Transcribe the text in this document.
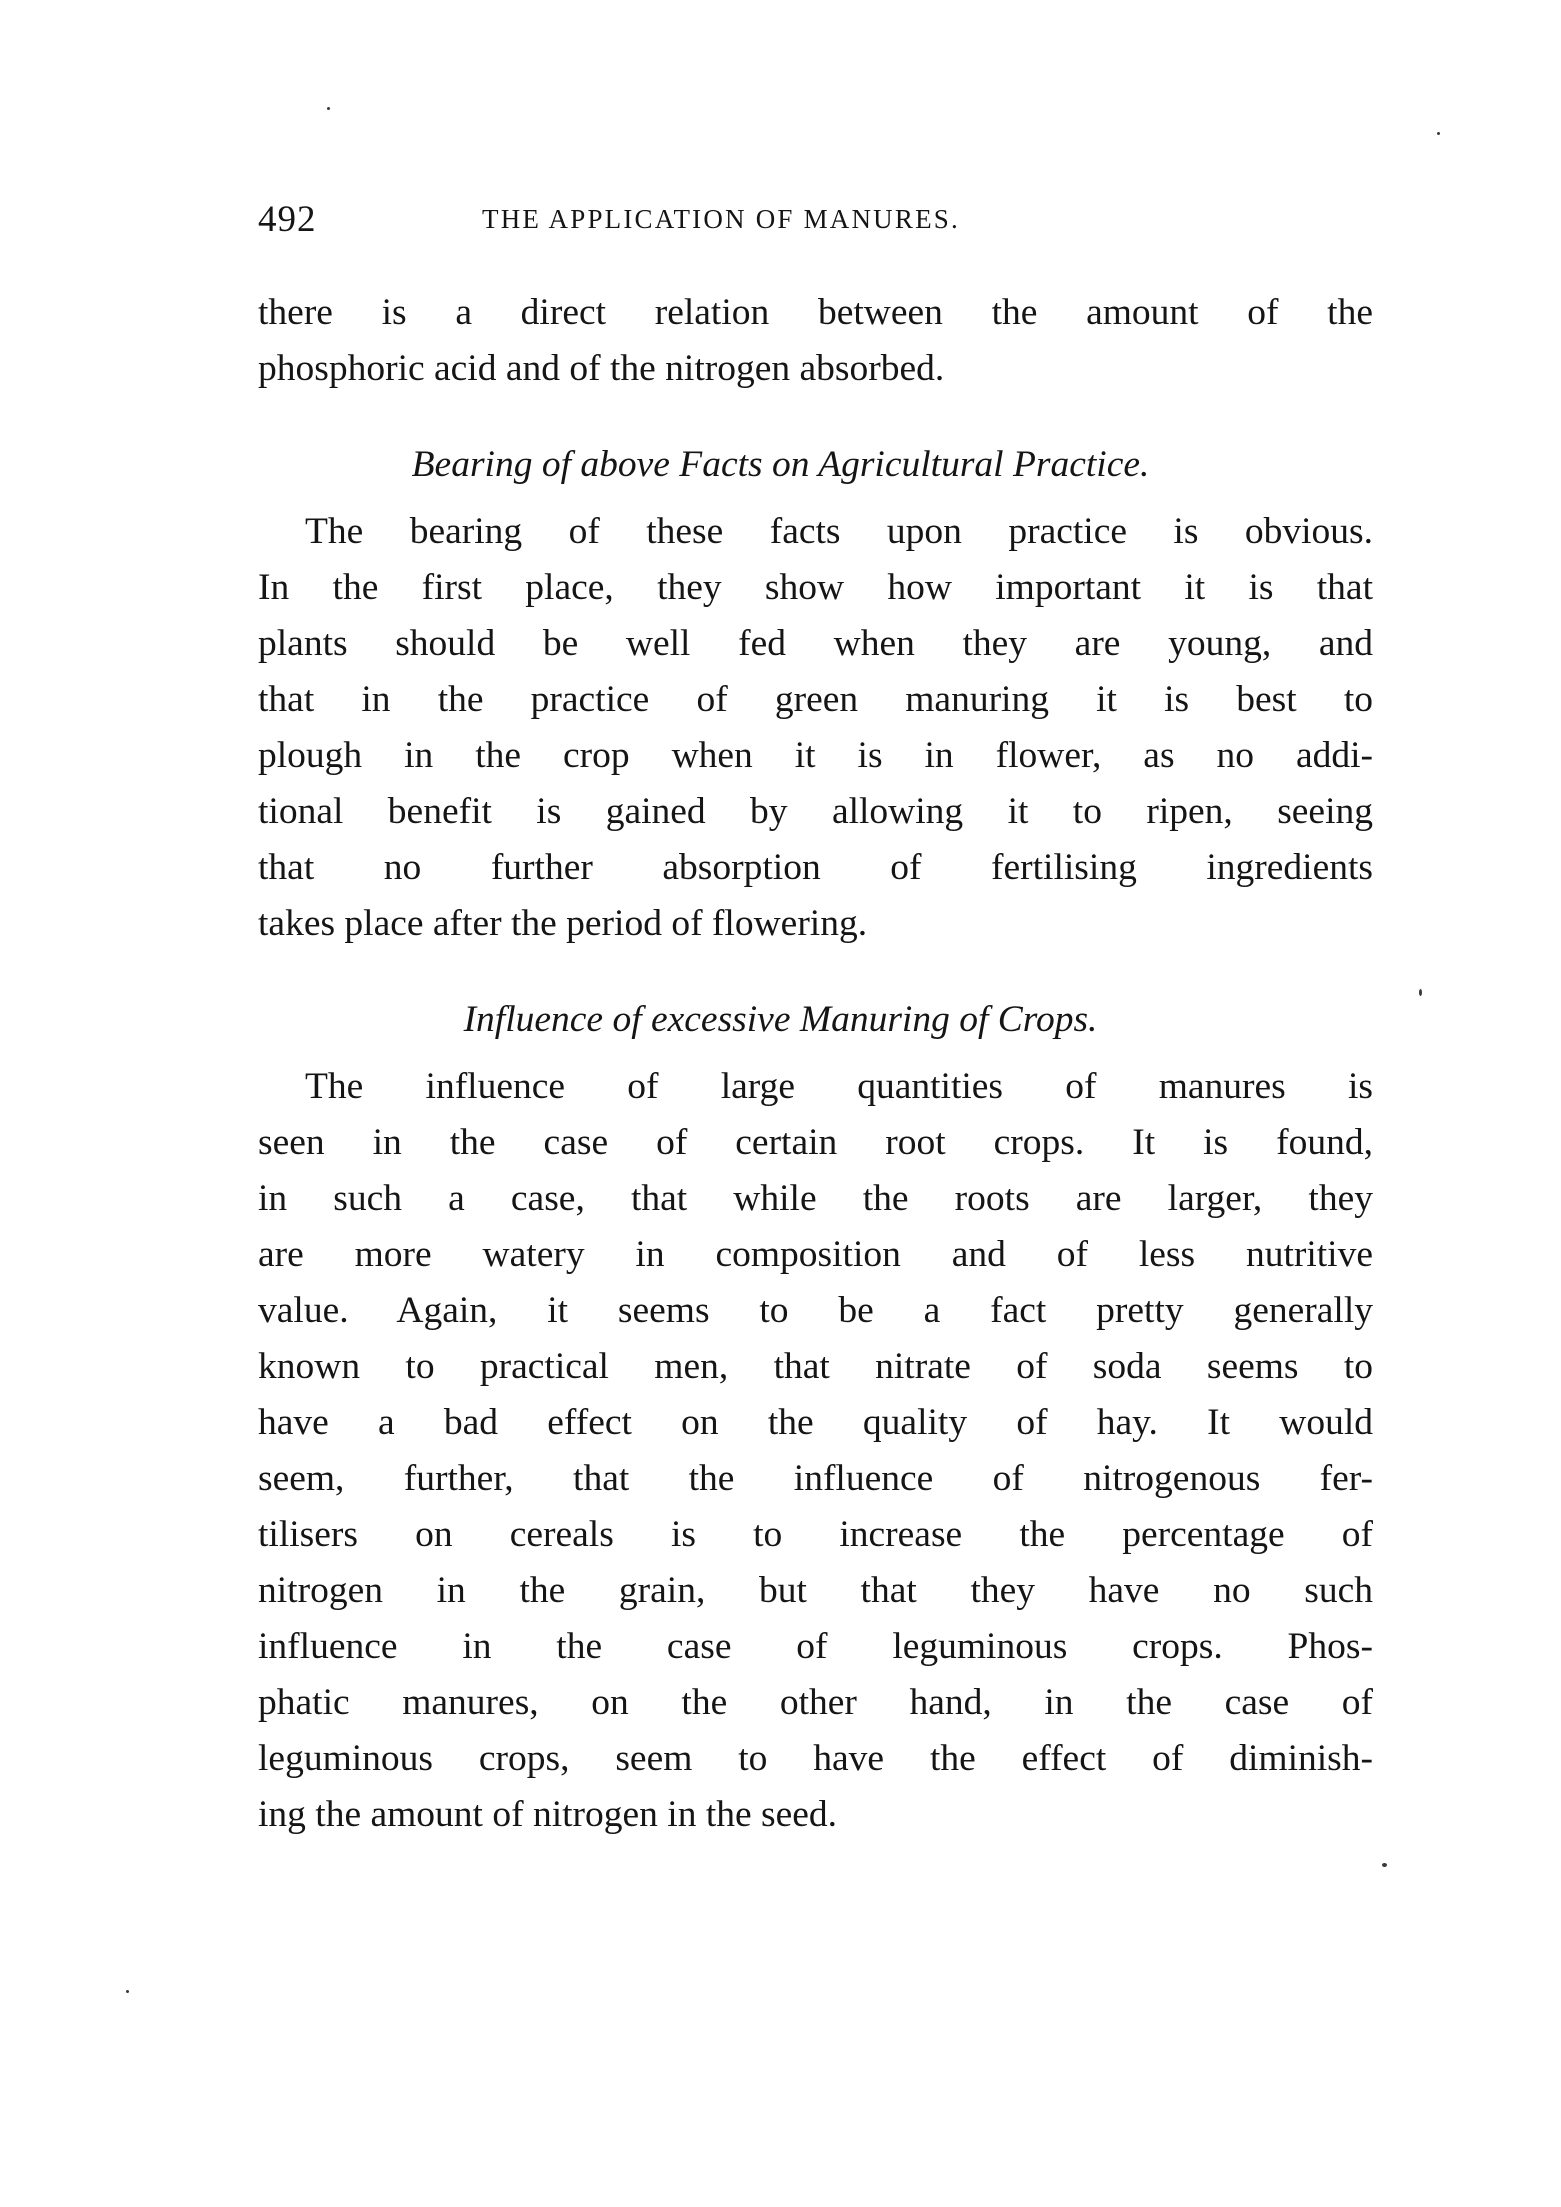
492	THE APPLICATION OF MANURES.
there is a direct relation between the amount of the
phosphoric acid and of the nitrogen absorbed.
Bearing of above Facts on Agricultural Practice.
The bearing of these facts upon practice is obvious.
In the first place, they show how important it is that
plants should be well fed when they are young, and
that in the practice of green manuring it is best to
plough in the crop when it is in flower, as no addi-
tional benefit is gained by allowing it to ripen, seeing
that no further absorption of fertilising ingredients
takes place after the period of flowering.
Influence of excessive Manuring of Crops.
The influence of large quantities of manures is
seen in the case of certain root crops. It is found,
in such a case, that while the roots are larger, they
are more watery in composition and of less nutritive
value. Again, it seems to be a fact pretty generally
known to practical men, that nitrate of soda seems to
have a bad effect on the quality of hay. It would
seem, further, that the influence of nitrogenous fer-
tilisers on cereals is to increase the percentage of
nitrogen in the grain, but that they have no such
influence in the case of leguminous crops. Phos-
phatic manures, on the other hand, in the case of
leguminous crops, seem to have the effect of diminish-
ing the amount of nitrogen in the seed.
